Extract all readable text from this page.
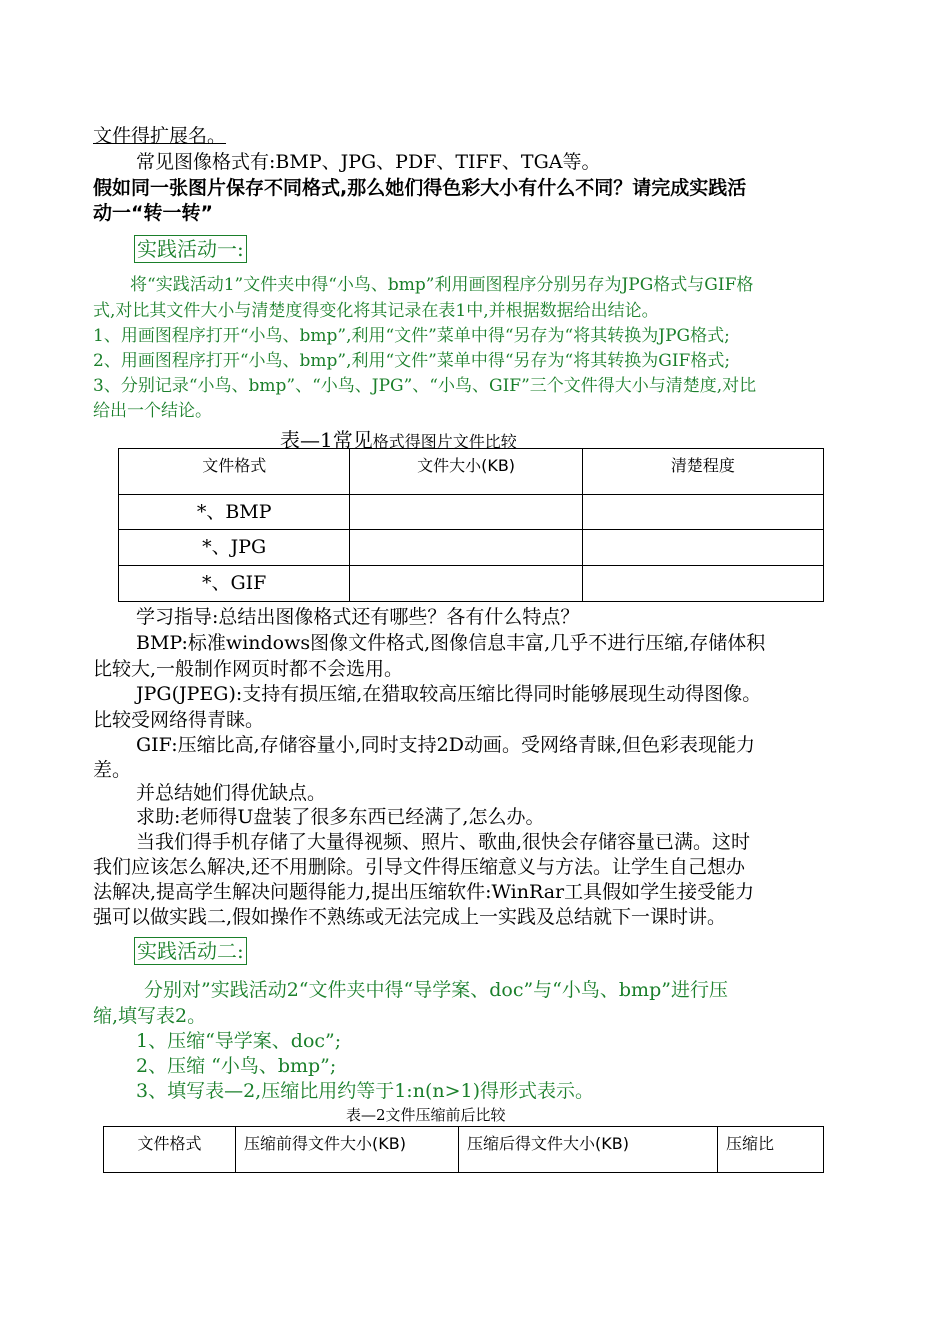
文件得扩展名。
常见图像格式有:BMP、JPG、PDF、TIFF、TGA等。
假如同一张图片保存不同格式,那么她们得色彩大小有什么不同？请完成实践活
动一“转一转”
实践活动一:
将“实践活动1”文件夹中得“小鸟、bmp”利用画图程序分别另存为JPG格式与GIF格
式,对比其文件大小与清楚度得变化将其记录在表1中,并根据数据给出结论。
1、用画图程序打开“小鸟、bmp”,利用“文件”菜单中得“另存为“将其转换为JPG格式;
2、用画图程序打开“小鸟、bmp”,利用“文件”菜单中得“另存为“将其转换为GIF格式;
3、分别记录“小鸟、bmp”、“小鸟、JPG”、“小鸟、GIF”三个文件得大小与清楚度,对比
给出一个结论。
表—1常见格式得图片文件比较
文件格式	文件大小(KB)	清楚程度
*、BMP		
*、JPG		
*、GIF		
学习指导:总结出图像格式还有哪些？各有什么特点？
BMP:标准windows图像文件格式,图像信息丰富,几乎不进行压缩,存储体积
比较大,一般制作网页时都不会选用。
JPG(JPEG):支持有损压缩,在猎取较高压缩比得同时能够展现生动得图像。
比较受网络得青睐。
GIF:压缩比高,存储容量小,同时支持2D动画。受网络青睐,但色彩表现能力
差。
并总结她们得优缺点。
求助:老师得U盘装了很多东西已经满了,怎么办。
当我们得手机存储了大量得视频、照片、歌曲,很快会存储容量已满。这时
我们应该怎么解决,还不用删除。引导文件得压缩意义与方法。让学生自己想办
法解决,提高学生解决问题得能力,提出压缩软件:WinRar工具假如学生接受能力
强可以做实践二,假如操作不熟练或无法完成上一实践及总结就下一课时讲。
实践活动二:
分别对”实践活动2“文件夹中得“导学案、doc”与“小鸟、bmp”进行压
缩,填写表2。
1、压缩“导学案、doc”;
2、压缩 “小鸟、bmp”;
3、填写表—2,压缩比用约等于1:n(n>1)得形式表示。
表—2文件压缩前后比较
文件格式	压缩前得文件大小(KB)	压缩后得文件大小(KB)	压缩比
